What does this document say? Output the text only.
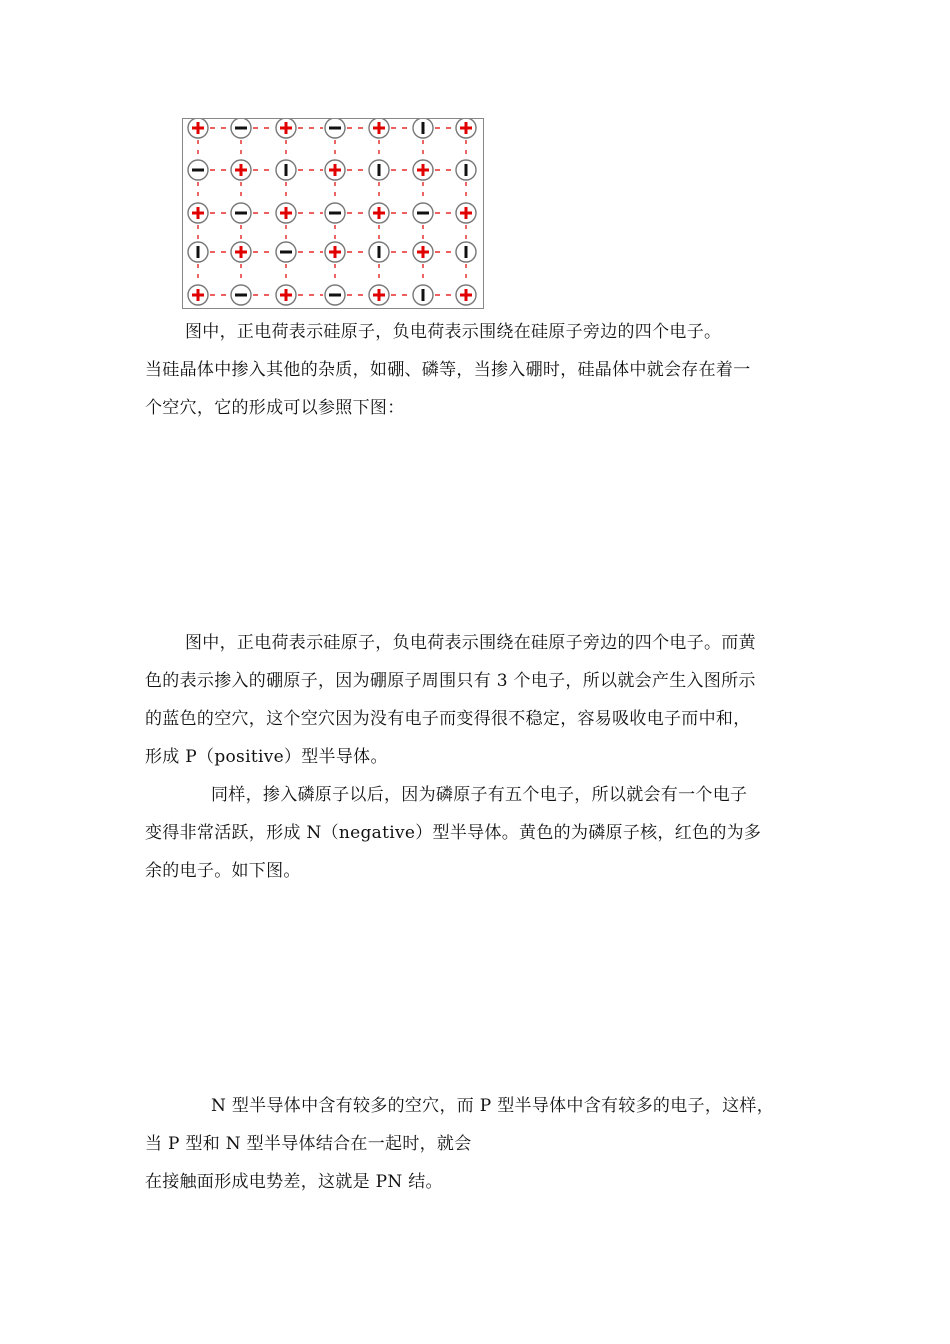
图中，正电荷表示硅原子，负电荷表示围绕在硅原子旁边的四个电子。
当硅晶体中掺入其他的杂质，如硼、磷等，当掺入硼时，硅晶体中就会存在着一
个空穴，它的形成可以参照下图：
图中，正电荷表示硅原子，负电荷表示围绕在硅原子旁边的四个电子。而黄
色的表示掺入的硼原子，因为硼原子周围只有 3 个电子，所以就会产生入图所示
的蓝色的空穴，这个空穴因为没有电子而变得很不稳定，容易吸收电子而中和，
形成 P（positive）型半导体。
同样，掺入磷原子以后，因为磷原子有五个电子，所以就会有一个电子
变得非常活跃，形成 N（negative）型半导体。黄色的为磷原子核，红色的为多
余的电子。如下图。
N 型半导体中含有较多的空穴，而 P 型半导体中含有较多的电子，这样，
当 P 型和 N 型半导体结合在一起时，就会
在接触面形成电势差，这就是 PN 结。
